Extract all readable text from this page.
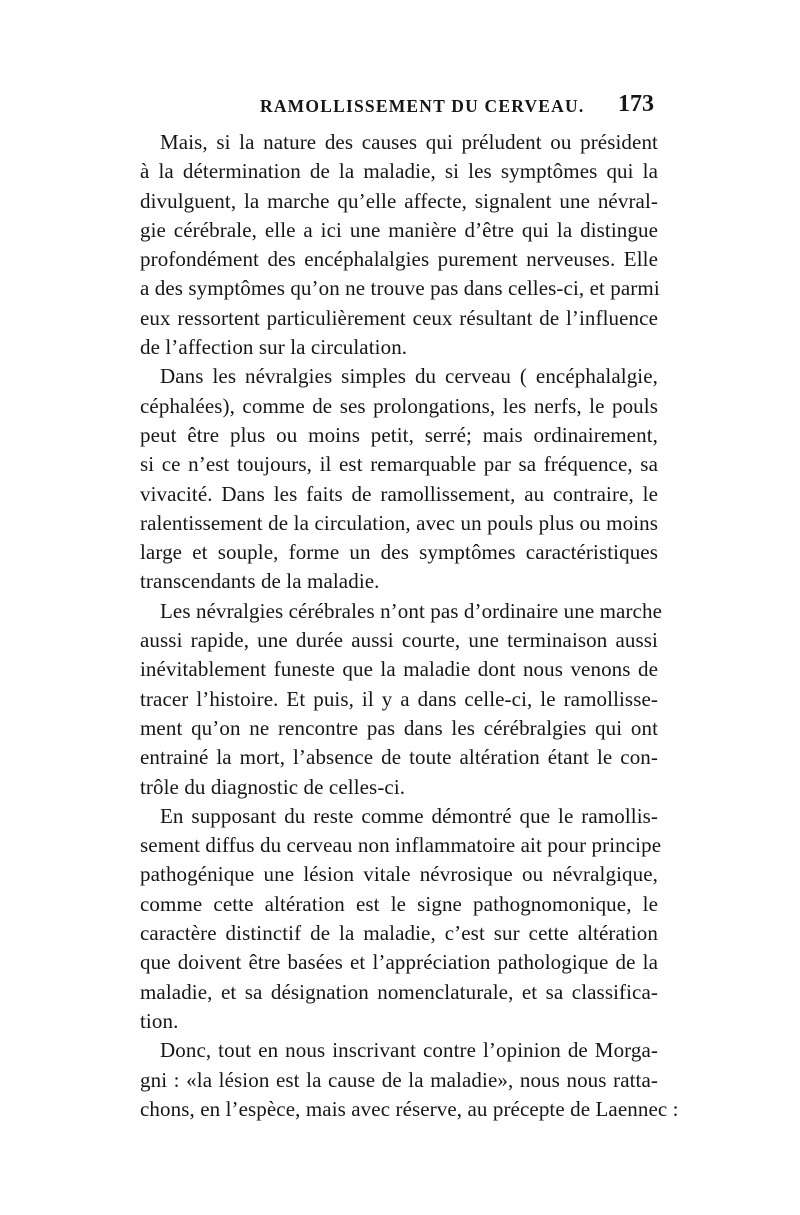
RAMOLLISSEMENT DU CERVEAU. 173
Mais, si la nature des causes qui préludent ou président
à la détermination de la maladie, si les symptômes qui la
divulguent, la marche qu’elle affecte, signalent une névral-
gie cérébrale, elle a ici une manière d’être qui la distingue
profondément des encéphalalgies purement nerveuses. Elle
a des symptômes qu’on ne trouve pas dans celles-ci, et parmi
eux ressortent particulièrement ceux résultant de l’influence
de l’affection sur la circulation.
Dans les névralgies simples du cerveau ( encéphalalgie,
céphalées), comme de ses prolongations, les nerfs, le pouls
peut être plus ou moins petit, serré; mais ordinairement,
si ce n’est toujours, il est remarquable par sa fréquence, sa
vivacité. Dans les faits de ramollissement, au contraire, le
ralentissement de la circulation, avec un pouls plus ou moins
large et souple, forme un des symptômes caractéristiques
transcendants de la maladie.
Les névralgies cérébrales n’ont pas d’ordinaire une marche
aussi rapide, une durée aussi courte, une terminaison aussi
inévitablement funeste que la maladie dont nous venons de
tracer l’histoire. Et puis, il y a dans celle-ci, le ramollisse-
ment qu’on ne rencontre pas dans les cérébralgies qui ont
entrainé la mort, l’absence de toute altération étant le con-
trôle du diagnostic de celles-ci.
En supposant du reste comme démontré que le ramollis-
sement diffus du cerveau non inflammatoire ait pour principe
pathogénique une lésion vitale névrosique ou névralgique,
comme cette altération est le signe pathognomonique, le
caractère distinctif de la maladie, c’est sur cette altération
que doivent être basées et l’appréciation pathologique de la
maladie, et sa désignation nomenclaturale, et sa classifica-
tion.
Donc, tout en nous inscrivant contre l’opinion de Morga-
gni : «la lésion est la cause de la maladie», nous nous ratta-
chons, en l’espèce, mais avec réserve, au précepte de Laennec :
